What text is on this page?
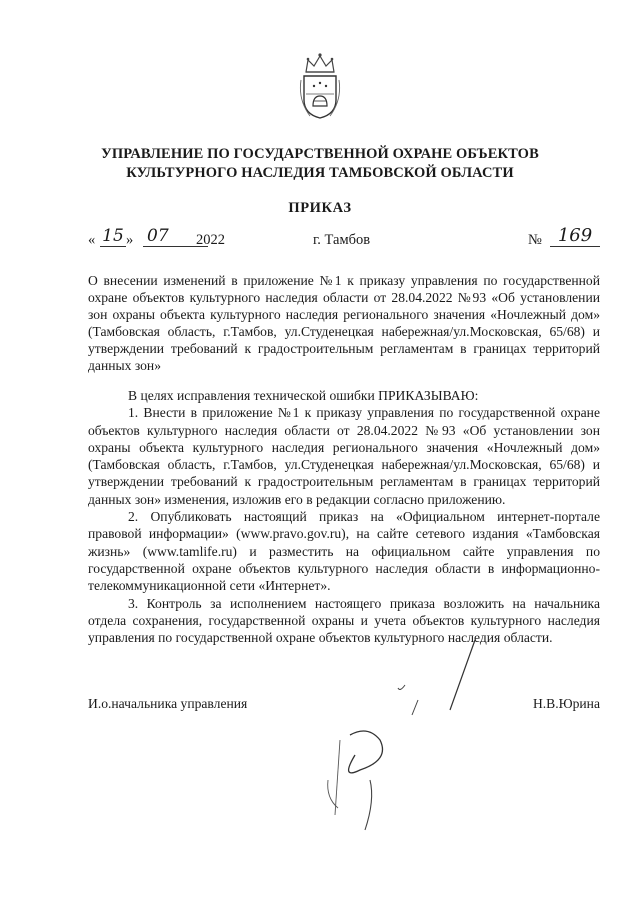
УПРАВЛЕНИЕ ПО ГОСУДАРСТВЕННОЙ ОХРАНЕ ОБЪЕКТОВ
КУЛЬТУРНОГО НАСЛЕДИЯ ТАМБОВСКОЙ ОБЛАСТИ
ПРИКАЗ
« 15 » 07	2022	г. Тамбов	№ 169
О внесении изменений в приложение №1 к приказу управления по государственной охране объектов культурного наследия области от 28.04.2022 №93 «Об установлении зон охраны объекта культурного наследия регионального значения «Ночлежный дом» (Тамбовская область, г.Тамбов, ул.Студенецкая набережная/ул.Московская, 65/68) и утверждении требований к градостроительным регламентам в границах территорий данных зон»

В целях исправления технической ошибки ПРИКАЗЫВАЮ:

1. Внести в приложение №1 к приказу управления по государственной охране объектов культурного наследия области от 28.04.2022 №93 «Об установлении зон охраны объекта культурного наследия регионального значения «Ночлежный дом» (Тамбовская область, г.Тамбов, ул.Студенецкая набережная/ул.Московская, 65/68) и утверждении требований к градостроительным регламентам в границах территорий данных зон» изменения, изложив его в редакции согласно приложению.

2. Опубликовать настоящий приказ на «Официальном интернет-портале правовой информации» (www.pravo.gov.ru), на сайте сетевого издания «Тамбовская жизнь» (www.tamlife.ru) и разместить на официальном сайте управления по государственной охране объектов культурного наследия области в информационно-телекоммуникационной сети «Интернет».

3. Контроль за исполнением настоящего приказа возложить на начальника отдела сохранения, государственной охраны и учета объектов культурного наследия управления по государственной охране объектов культурного наследия области.

И.о.начальника управления	Н.В.Юрина
